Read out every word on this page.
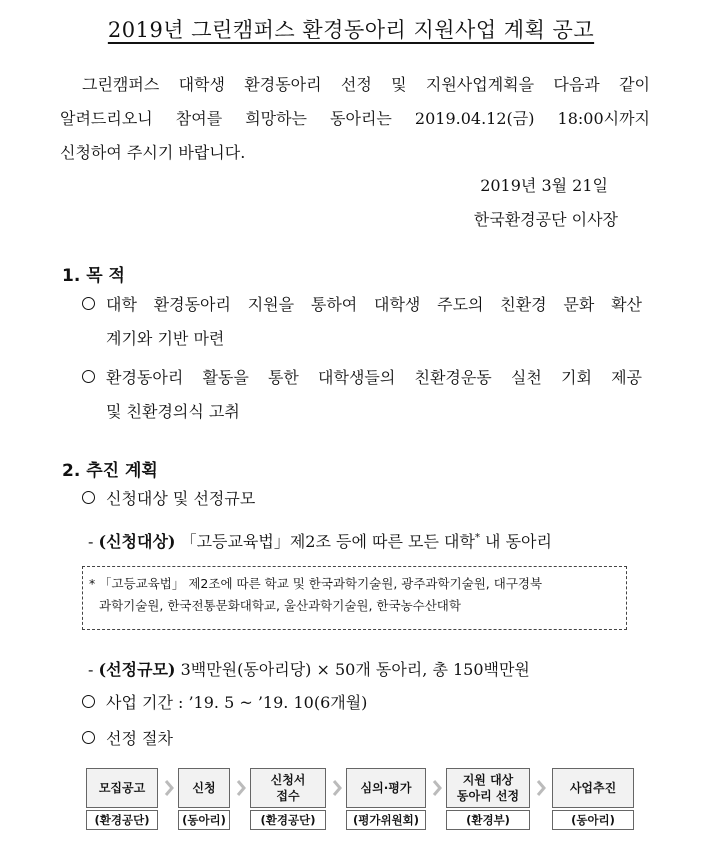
2019년 그린캠퍼스 환경동아리 지원사업 계획 공고
그린캠퍼스 대학생 환경동아리 선정 및 지원사업계획을 다음과 같이
알려드리오니 참여를 희망하는 동아리는 2019.04.12(금) 18:00시까지
신청하여 주시기 바랍니다.
2019년 3월 21일
한국환경공단 이사장
1. 목 적
대학 환경동아리 지원을 통하여 대학생 주도의 친환경 문화 확산
계기와 기반 마련
환경동아리 활동을 통한 대학생들의 친환경운동 실천 기회 제공
및 친환경의식 고취
2. 추진 계획
신청대상 및 선정규모
- (신청대상) 「고등교육법」제2조 등에 따른 모든 대학* 내 동아리
* 「고등교육법」 제2조에 따른 학교 및 한국과학기술원, 광주과학기술원, 대구경북
과학기술원, 한국전통문화대학교, 울산과학기술원, 한국농수산대학
- (선정규모) 3백만원(동아리당) × 50개 동아리, 총 150백만원
사업 기간 : ’19. 5 ~ ’19. 10(6개월)
선정 절차
모집공고
(환경공단)
신청
(동아리)
신청서
접수
(환경공단)
심의·평가
(평가위원회)
지원 대상
동아리 선정
(환경부)
사업추진
(동아리)
